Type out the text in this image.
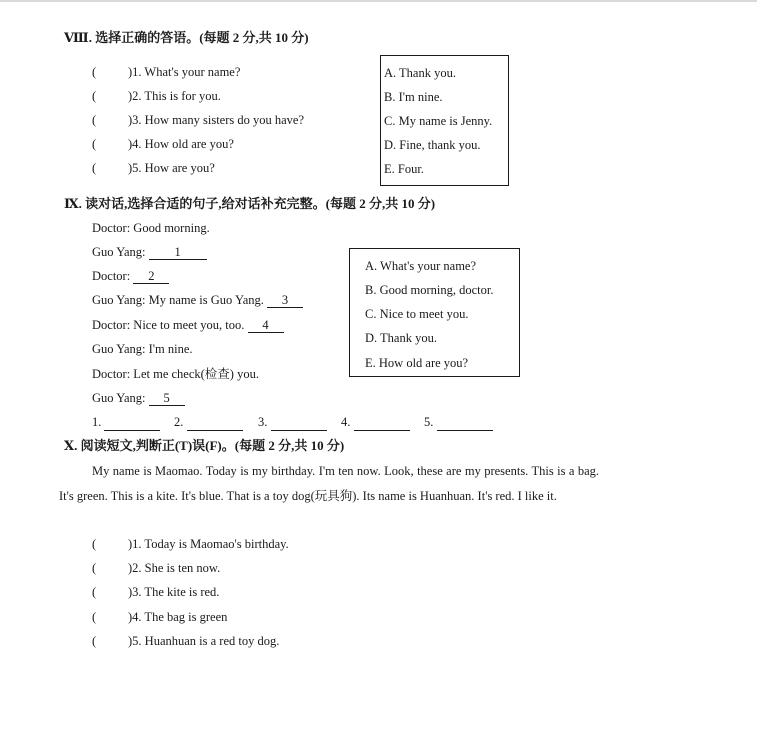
Ⅷ. 选择正确的答语。(每题 2 分,共 10 分)
(	)1. What's your name?
(	)2. This is for you.
(	)3. How many sisters do you have?
(	)4. How old are you?
(	)5. How are you?
A. Thank you.
B. I'm nine.
C. My name is Jenny.
D. Fine, thank you.
E. Four.
Ⅸ. 读对话,选择合适的句子,给对话补充完整。(每题 2 分,共 10 分)
Doctor: Good morning.
Guo Yang: 1
Doctor: 2
Guo Yang: My name is Guo Yang. 3
Doctor: Nice to meet you, too. 4
Guo Yang: I'm nine.
Doctor: Let me check(检查) you.
Guo Yang: 5
A. What's your name?
B. Good morning, doctor.
C. Nice to meet you.
D. Thank you.
E. How old are you?
1.	2.	3.	4.	5.
Ⅹ. 阅读短文,判断正(T)误(F)。(每题 2 分,共 10 分)
My name is Maomao. Today is my birthday. I'm ten now. Look, these are my presents. This is a bag. It's green. This is a kite. It's blue. That is a toy dog(玩具狗). Its name is Huanhuan. It's red. I like it.
(	)1. Today is Maomao's birthday.
(	)2. She is ten now.
(	)3. The kite is red.
(	)4. The bag is green
(	)5. Huanhuan is a red toy dog.
